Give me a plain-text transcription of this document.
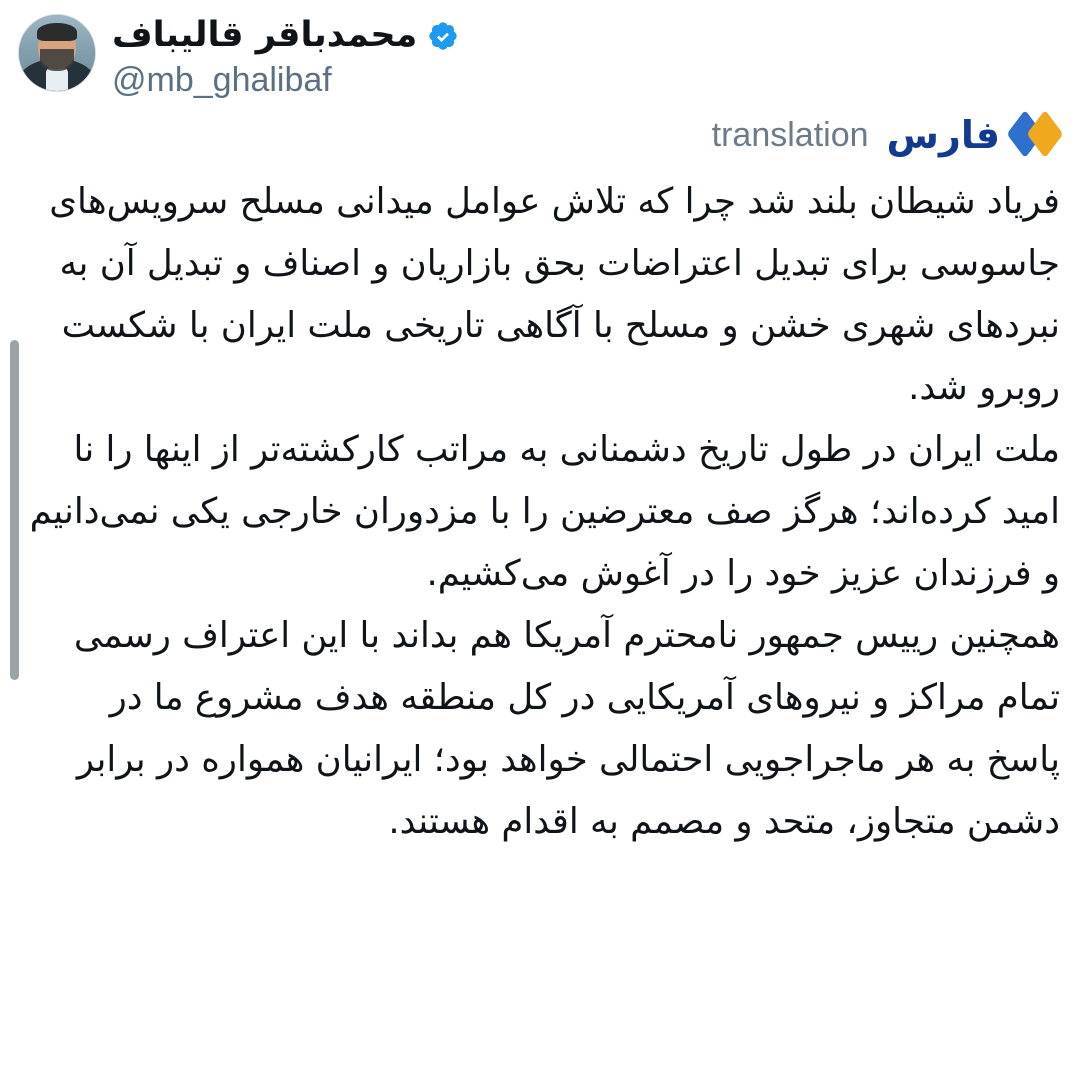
محمدباقر قالیباف
@mb_ghalibaf
فارس
translation

فریاد شیطان بلند شد چرا که تلاش عوامل میدانی مسلح سرویس‌های جاسوسی برای تبدیل اعتراضات بحق بازاریان و اصناف و تبدیل آن به نبردهای شهری خشن و مسلح با آگاهی تاریخی ملت ایران با شکست روبرو شد.

ملت ایران در طول تاریخ دشمنانی به مراتب کارکشته‌تر از اینها را نا امید کرده‌اند؛ هرگز صف معترضین را با مزدوران خارجی یکی نمی‌دانیم و فرزندان عزیز خود را در آغوش می‌کشیم.

همچنین رییس جمهور نامحترم آمریکا هم بداند با این اعتراف رسمی تمام مراکز و نیروهای آمریکایی در کل منطقه هدف مشروع ما در پاسخ به هر ماجراجویی احتمالی خواهد بود؛ ایرانیان همواره در برابر دشمن متجاوز، متحد و مصمم به اقدام هستند.
